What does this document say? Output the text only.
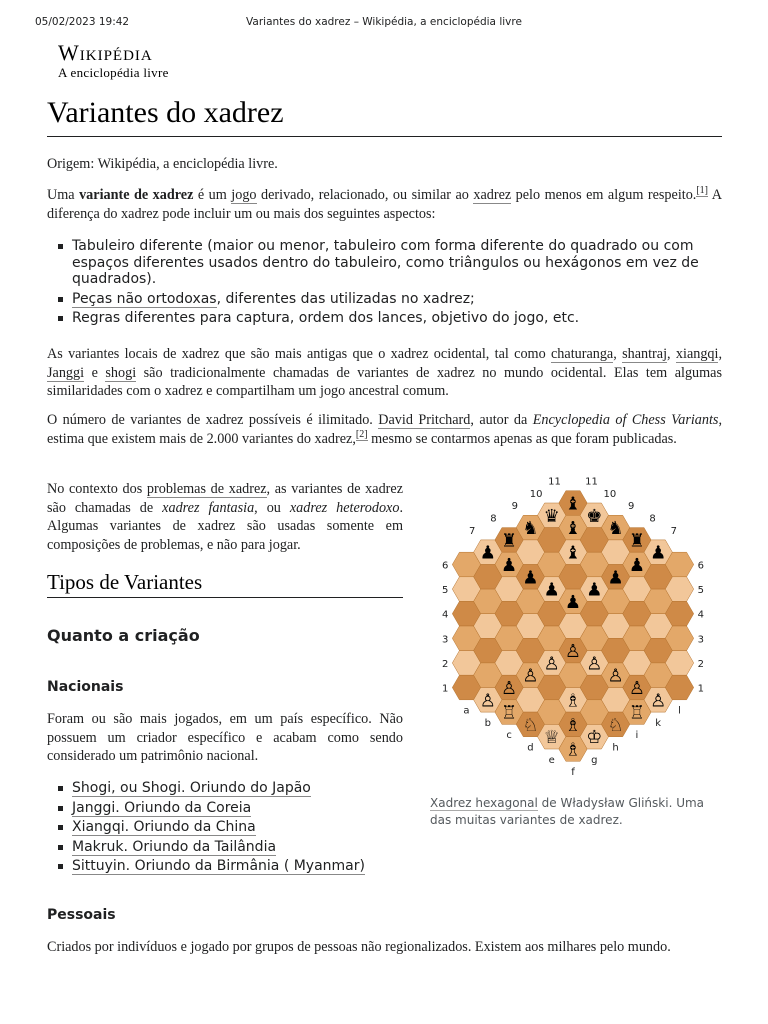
05/02/2023 19:42	Variantes do xadrez – Wikipédia, a enciclopédia livre
Wikipédia
A enciclopédia livre
Variantes do xadrez

Origem: Wikipédia, a enciclopédia livre.

Uma variante de xadrez é um jogo derivado, relacionado, ou similar ao xadrez pelo menos em algum respeito.[1] A diferença do xadrez pode incluir um ou mais dos seguintes aspectos:

Tabuleiro diferente (maior ou menor, tabuleiro com forma diferente do quadrado ou com espaços diferentes usados dentro do tabuleiro, como triângulos ou hexágonos em vez de quadrados).
Peças não ortodoxas, diferentes das utilizadas no xadrez;
Regras diferentes para captura, ordem dos lances, objetivo do jogo, etc.

As variantes locais de xadrez que são mais antigas que o xadrez ocidental, tal como chaturanga, shantraj, xiangqi, Janggi e shogi são tradicionalmente chamadas de variantes de xadrez no mundo ocidental. Elas tem algumas similaridades com o xadrez e compartilham um jogo ancestral comum.

O número de variantes de xadrez possíveis é ilimitado. David Pritchard, autor da Encyclopedia of Chess Variants, estima que existem mais de 2.000 variantes do xadrez,[2] mesmo se contarmos apenas as que foram publicadas.

No contexto dos problemas de xadrez, as variantes de xadrez são chamadas de xadrez fantasia, ou xadrez heterodoxo. Algumas variantes de xadrez são usadas somente em composições de problemas, e não para jogar.

Tipos de Variantes
Quanto a criação
Nacionais

Foram ou são mais jogados, em um país específico. Não possuem um criador específico e acabam como sendo considerado um patrimônio nacional.

Shogi, ou Shogi. Oriundo do Japão
Janggi. Oriundo da Coreia
Xiangqi. Oriundo da China
Makruk. Oriundo da Tailândia
Sittuyin. Oriundo da Birmânia ( Myanmar)
Pessoais

Criados por indivíduos e jogado por grupos de pessoas não regionalizados. Existem aos milhares pelo mundo.

♙
♙
♙
♙
♙
♙
♙
♙
♙
♖	♖
♘	♘
♕ ♔
♗
♗
♗
♟
♟
♟
♟
♟
♟
♟
♟
♟
♜	♜
♞	♞
♛ ♚
♝
♝
♝
a
b
c
d
e
f
g
h
i
k
l
1	1
2	2
3	3
4	4
5	5
6	6
7	7
8	8
9	9
10	10
11 11
Xadrez hexagonal de Władysław Gliński. Uma das muitas variantes de xadrez.
